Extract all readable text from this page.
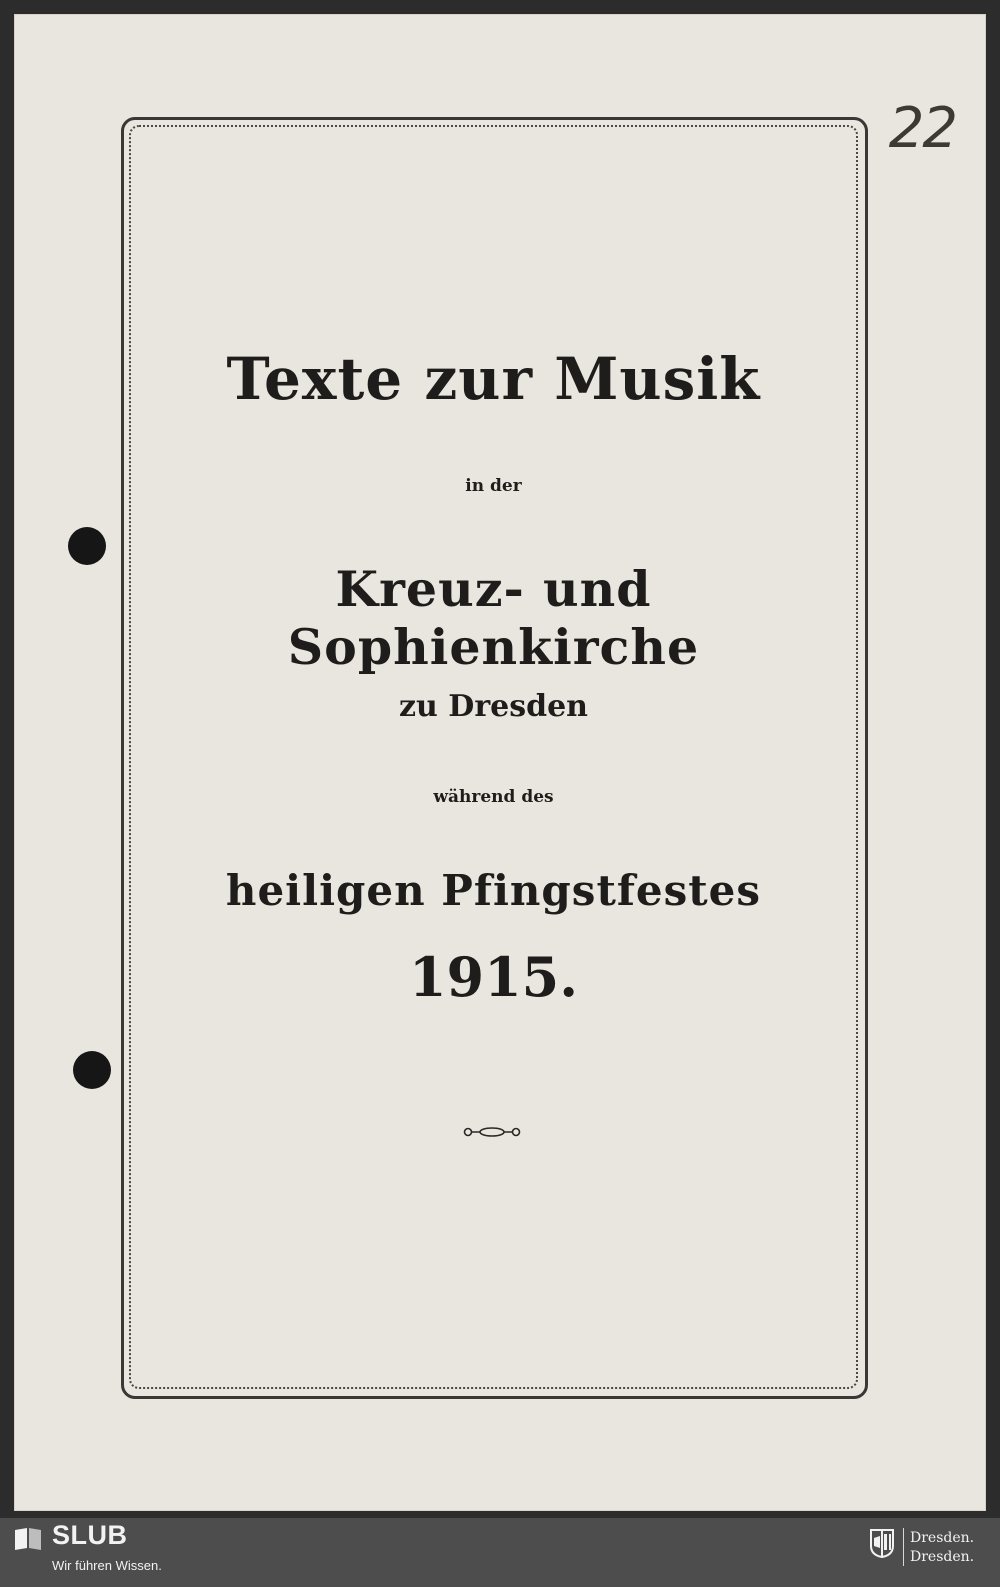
22
Texte zur Musik
in der
Kreuz- und Sophienkirche
zu Dresden
während des
heiligen Pfingstfestes
1915.
SLUB
Wir führen Wissen.
Dresden.
Dresden.
